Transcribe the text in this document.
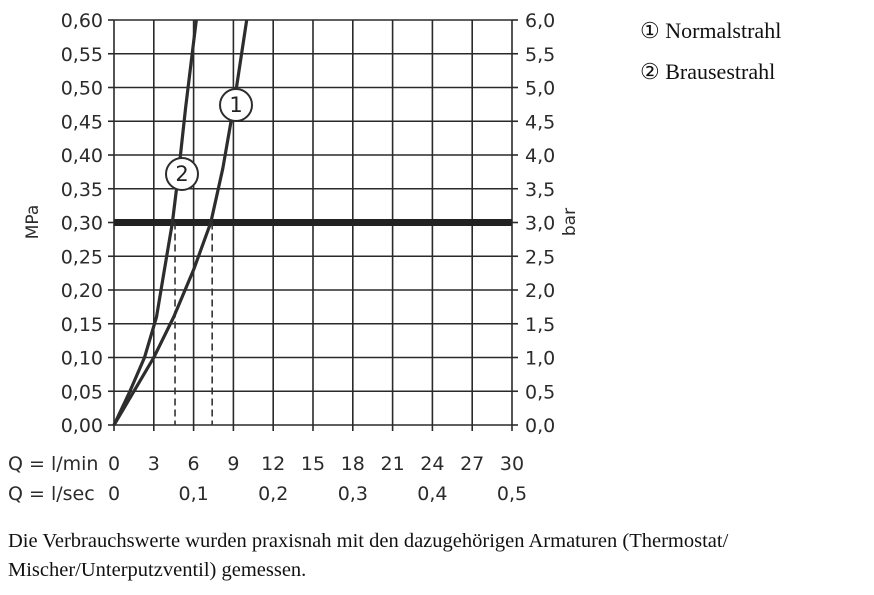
1
2
0,00
0,05
0,10
0,15
0,20
0,25
0,30
0,35
0,40
0,45
0,50
0,55
0,60
0,0
0,5
1,0
1,5
2,0
2,5
3,0
3,5
4,0
4,5
5,0
5,5
6,0
MPa	bar
Q = l/min 0 3 6 9 12 15 18 21 24 27 30
Q = l/sec 0	0,1	0,2	0,3	0,4	0,5
① Normalstrahl
② Brausestrahl
Die Verbrauchswerte wurden praxisnah mit den dazugehörigen Armaturen (Thermostat/ Mischer/Unterputzventil) gemessen.
